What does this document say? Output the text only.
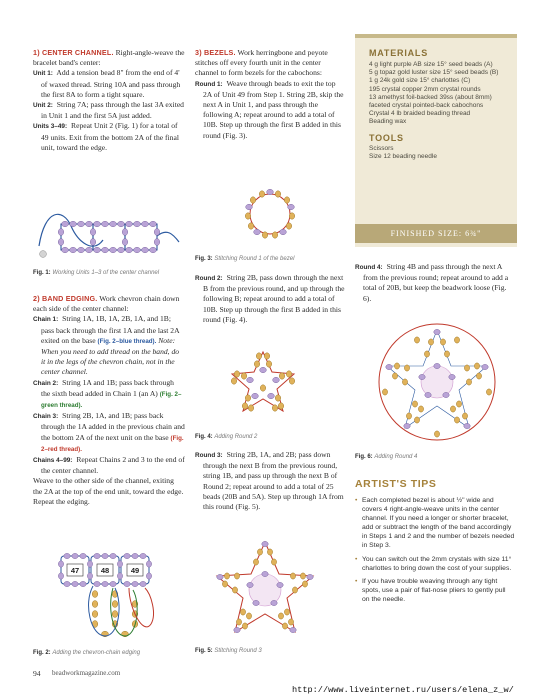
1) CENTER CHANNEL. Right-angle-weave the bracelet band's center:

Unit 1: Add a tension bead 8" from the end of 4' of waxed thread. String 10A and pass through the first 8A to form a tight square.

Unit 2: String 7A; pass through the last 3A exited in Unit 1 and the first 5A just added.

Units 3–49: Repeat Unit 2 (Fig. 1) for a total of 49 units. Exit from the bottom 2A of the final unit, toward the edge.

Fig. 1: Working Units 1–3 of the center channel

2) BAND EDGING. Work chevron chain down each side of the center channel:

Chain 1: String 1A, 1B, 1A, 2B, 1A, and 1B; pass back through the first 1A and the last 2A exited on the base (Fig. 2–blue thread). Note: When you need to add thread on the band, do it in the legs of the chevron chain, not in the center channel.

Chain 2: String 1A and 1B; pass back through the sixth bead added in Chain 1 (an A) (Fig. 2–green thread).

Chain 3: String 2B, 1A, and 1B; pass back through the 1A added in the previous chain and the bottom 2A of the next unit on the base (Fig. 2–red thread).

Chains 4–99: Repeat Chains 2 and 3 to the end of the center channel.

Weave to the other side of the channel, exiting the 2A at the top of the end unit, toward the edge. Repeat the edging.

47	48	49
Fig. 2: Adding the chevron-chain edging

3) BEZELS. Work herringbone and peyote stitches off every fourth unit in the center channel to form bezels for the cabochons:

Round 1: Weave through beads to exit the top 2A of Unit 49 from Step 1. String 2B, skip the next A in Unit 1, and pass through the following A; repeat around to add a total of 10B. Step up through the first B added in this round (Fig. 3).

Fig. 3: Stitching Round 1 of the bezel

Round 2: String 2B, pass down through the next B from the previous round, and up through the following B; repeat around to add a total of 10B. Step up through the first B added in this round (Fig. 4).

Fig. 4: Adding Round 2

Round 3: String 2B, 1A, and 2B; pass down through the next B from the previous round, string 1B, and pass up through the next B of Round 2; repeat around to add a total of 25 beads (20B and 5A). Step up through 1A from this round (Fig. 5).

Fig. 5: Stitching Round 3
MATERIALS
4 g light purple AB size 15° seed beads (A)
5 g topaz gold luster size 15° seed beads (B)
1 g 24k gold size 15° charlottes (C)
195 crystal copper 2mm crystal rounds
13 amethyst foil-backed 39ss (about 8mm) faceted crystal pointed-back cabochons
Crystal 4 lb braided beading thread
Beading wax
TOOLS
Scissors
Size 12 beading needle
FINISHED SIZE: 6¾"

Round 4: String 4B and pass through the next A from the previous round; repeat around to add a total of 20B, but keep the beadwork loose (Fig. 6).

Fig. 6: Adding Round 4
ARTIST'S TIPS
• Each completed bezel is about ½" wide and covers 4 right-angle-weave units in the center channel. If you need a longer or shorter bracelet, add or subtract the length of the band accordingly in Steps 1 and 2 and the number of bezels needed in Step 3.
• You can switch out the 2mm crystals with size 11° charlottes to bring down the cost of your supplies.
• If you have trouble weaving through any tight spots, use a pair of flat-nose pliers to gently pull on the needle.
94 beadworkmagazine.com
http://www.liveinternet.ru/users/elena_z_w/
